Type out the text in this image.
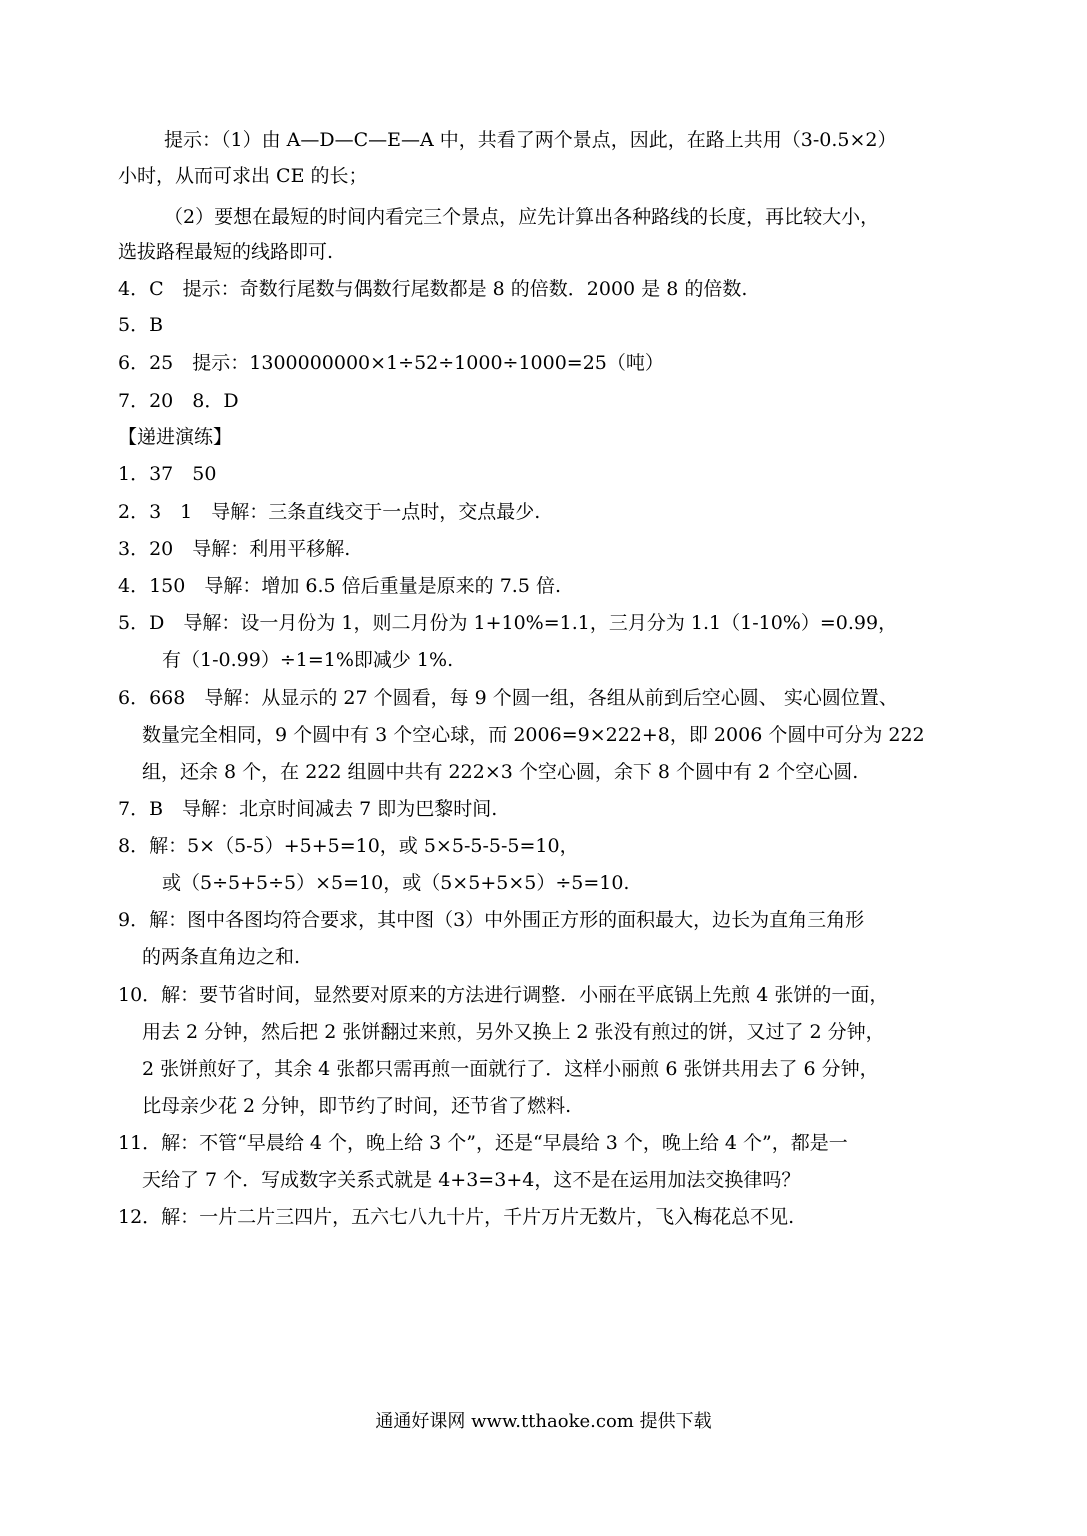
提示：（1）由 A—D—C—E—A 中，共看了两个景点，因此，在路上共用（3-0.5×2）
小时，从而可求出 CE 的长；
（2）要想在最短的时间内看完三个景点，应先计算出各种路线的长度，再比较大小，
选拔路程最短的线路即可.
4．C　提示：奇数行尾数与偶数行尾数都是 8 的倍数．2000 是 8 的倍数.
5．B
6．25　提示：1300000000×1÷52÷1000÷1000=25（吨）
7．20　8．D
【递进演练】
1．37　50
2．3　1　导解：三条直线交于一点时，交点最少.
3．20　导解：利用平移解.
4．150　导解：增加 6.5 倍后重量是原来的 7.5 倍.
5．D　导解：设一月份为 1，则二月份为 1+10%=1.1，三月分为 1.1（1-10%）=0.99，
有（1-0.99）÷1=1%即减少 1%.
6．668　导解：从显示的 27 个圆看，每 9 个圆一组，各组从前到后空心圆、 实心圆位置、
数量完全相同，9 个圆中有 3 个空心球，而 2006=9×222+8，即 2006 个圆中可分为 222
组，还余 8 个，在 222 组圆中共有 222×3 个空心圆，余下 8 个圆中有 2 个空心圆.
7．B　导解：北京时间减去 7 即为巴黎时间.
8．解：5×（5-5）+5+5=10，或 5×5-5-5-5=10，
或（5÷5+5÷5）×5=10，或（5×5+5×5）÷5=10.
9．解：图中各图均符合要求，其中图（3）中外围正方形的面积最大，边长为直角三角形
的两条直角边之和.
10．解：要节省时间，显然要对原来的方法进行调整．小丽在平底锅上先煎 4 张饼的一面，
用去 2 分钟，然后把 2 张饼翻过来煎，另外又换上 2 张没有煎过的饼，又过了 2 分钟，
2 张饼煎好了，其余 4 张都只需再煎一面就行了．这样小丽煎 6 张饼共用去了 6 分钟，
比母亲少花 2 分钟，即节约了时间，还节省了燃料.
11．解：不管“早晨给 4 个，晚上给 3 个”，还是“早晨给 3 个，晚上给 4 个”，都是一
天给了 7 个．写成数字关系式就是 4+3=3+4，这不是在运用加法交换律吗？
12．解：一片二片三四片，五六七八九十片，千片万片无数片，飞入梅花总不见.
通通好课网 www.tthaoke.com 提供下载
